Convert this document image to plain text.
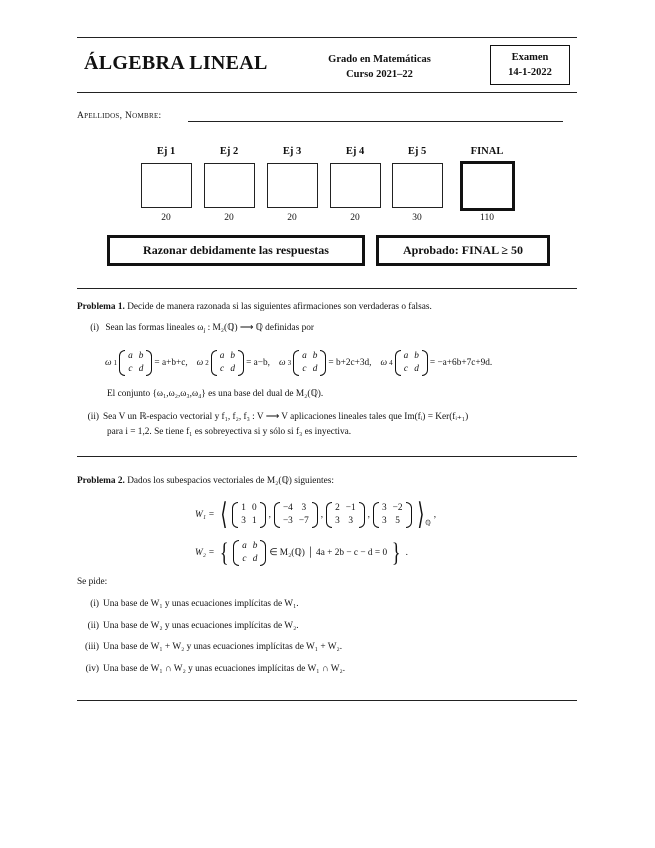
ÁLGEBRA LINEAL	Grado en Matemáticas
Curso 2021–22
Examen
14-1-2022
Apellidos, Nombre:
Ej 1
20
Ej 2
20
Ej 3
20
Ej 4
20
Ej 5
30
FINAL
110
Razonar debidamente las respuestas	Aprobado: FINAL ≥ 50
Problema 1. Decide de manera razonada si las siguientes afirmaciones son verdaderas o falsas.
(i) Sean las formas lineales $\omega_i$ : M₂(ℚ) ⟶ ℚ definidas por
ω 1
a	b
c	d
= a+b+c, ω 2
a	b
c	d
= a−b, ω 3
a	b
c	d
= b+2c+3d, ω 4
a	b
c	d
= −a+6b+7c+9d.
El conjunto {ω₁,ω₂,ω₃,ω₄} es una base del dual de M₂(ℚ).
(ii) Sea V un ℝ-espacio vectorial y f₁, f₂, f₃ : V ⟶ V aplicaciones lineales tales que Im(fᵢ) = Ker(fᵢ₊₁)
para i = 1,2. Se tiene f₁ es sobreyectiva si y sólo si f₃ es inyectiva.
Problema 2. Dados los subespacios vectoriales de M₂(ℚ) siguientes:
W₁ = ⟨ 1	0
3	1
,
−4	3
−3	−7
,
2	−1
3	3
,
3	−2
3	5 $⟩_ℚ$
,
W₂ = { a	b
c	d
∈ M₂(ℚ) │ 4a + 2b − c − d = 0 } .
Se pide:
(i) Una base de W₁ y unas ecuaciones implícitas de W₁.
(ii) Una base de W₂ y unas ecuaciones implícitas de W₂.
(iii) Una base de W₁ + W₂ y unas ecuaciones implícitas de W₁ + W₂.
(iv) Una base de W₁ ∩ W₂ y unas ecuaciones implícitas de W₁ ∩ W₂.
